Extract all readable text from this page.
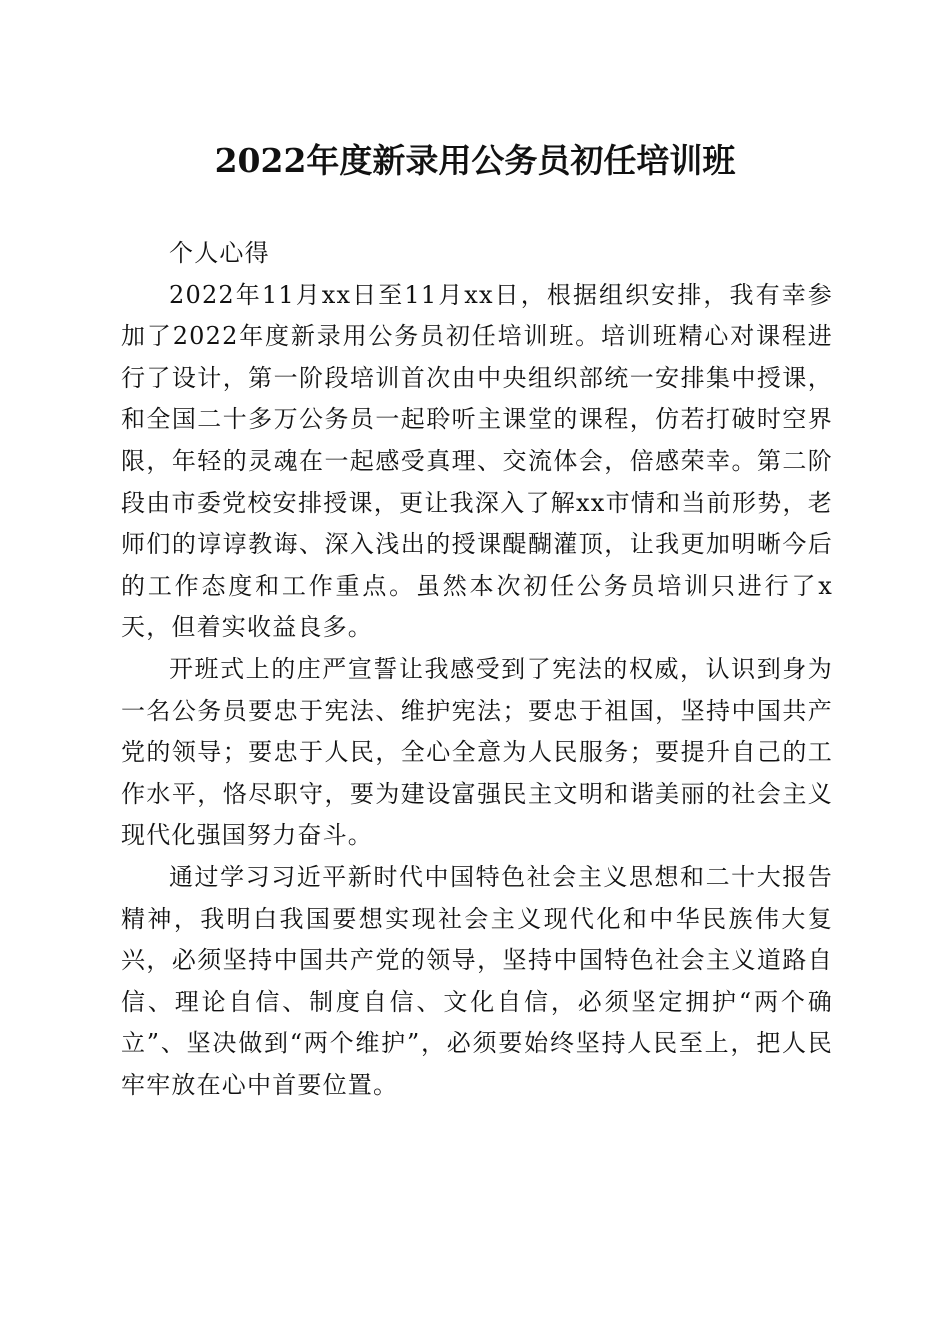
2022年度新录用公务员初任培训班

个人心得

2022年11月xx日至11月xx日，根据组织安排，我有幸参加了2022年度新录用公务员初任培训班。培训班精心对课程进行了设计，第一阶段培训首次由中央组织部统一安排集中授课，和全国二十多万公务员一起聆听主课堂的课程，仿若打破时空界限，年轻的灵魂在一起感受真理、交流体会，倍感荣幸。第二阶段由市委党校安排授课，更让我深入了解xx市情和当前形势，老师们的谆谆教诲、深入浅出的授课醍醐灌顶，让我更加明晰今后的工作态度和工作重点。虽然本次初任公务员培训只进行了x天，但着实收益良多。

开班式上的庄严宣誓让我感受到了宪法的权威，认识到身为一名公务员要忠于宪法、维护宪法；要忠于祖国，坚持中国共产党的领导；要忠于人民，全心全意为人民服务；要提升自己的工作水平，恪尽职守，要为建设富强民主文明和谐美丽的社会主义现代化强国努力奋斗。

通过学习习近平新时代中国特色社会主义思想和二十大报告精神，我明白我国要想实现社会主义现代化和中华民族伟大复兴，必须坚持中国共产党的领导，坚持中国特色社会主义道路自信、理论自信、制度自信、文化自信，必须坚定拥护“两个确立”、坚决做到“两个维护”，必须要始终坚持人民至上，把人民牢牢放在心中首要位置。
